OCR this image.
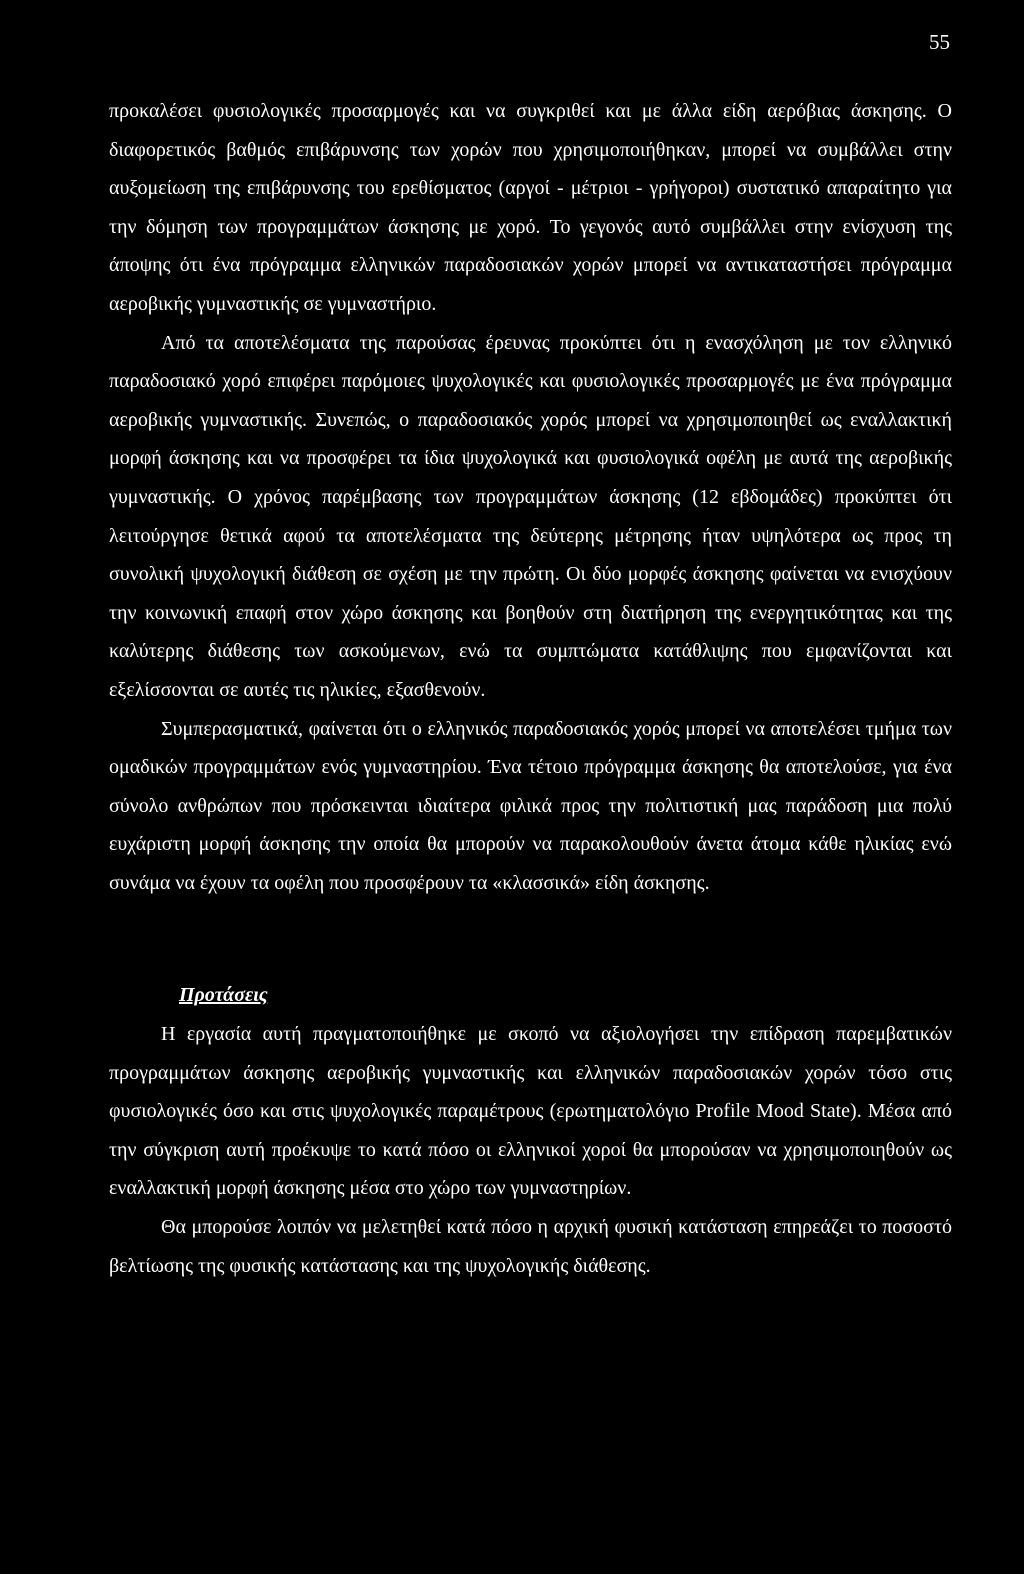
55

προκαλέσει φυσιολογικές προσαρμογές και να συγκριθεί και με άλλα είδη αερόβιας άσκησης. Ο διαφορετικός βαθμός επιβάρυνσης των χορών που χρησιμοποιήθηκαν, μπορεί να συμβάλλει στην αυξομείωση της επιβάρυνσης του ερεθίσματος (αργοί - μέτριοι - γρήγοροι) συστατικό απαραίτητο για την δόμηση των προγραμμάτων άσκησης με χορό. Το γεγονός αυτό συμβάλλει στην ενίσχυση της άποψης ότι ένα πρόγραμμα ελληνικών παραδοσιακών χορών μπορεί να αντικαταστήσει πρόγραμμα αεροβικής γυμναστικής σε γυμναστήριο.

Από τα αποτελέσματα της παρούσας έρευνας προκύπτει ότι η ενασχόληση με τον ελληνικό παραδοσιακό χορό επιφέρει παρόμοιες ψυχολογικές και φυσιολογικές προσαρμογές με ένα πρόγραμμα αεροβικής γυμναστικής. Συνεπώς, ο παραδοσιακός χορός μπορεί να χρησιμοποιηθεί ως εναλλακτική μορφή άσκησης και να προσφέρει τα ίδια ψυχολογικά και φυσιολογικά οφέλη με αυτά της αεροβικής γυμναστικής. Ο χρόνος παρέμβασης των προγραμμάτων άσκησης (12 εβδομάδες) προκύπτει ότι λειτούργησε θετικά αφού τα αποτελέσματα της δεύτερης μέτρησης ήταν υψηλότερα ως προς τη συνολική ψυχολογική διάθεση σε σχέση με την πρώτη. Οι δύο μορφές άσκησης φαίνεται να ενισχύουν την κοινωνική επαφή στον χώρο άσκησης και βοηθούν στη διατήρηση της ενεργητικότητας και της καλύτερης διάθεσης των ασκούμενων, ενώ τα συμπτώματα κατάθλιψης που εμφανίζονται και εξελίσσονται σε αυτές τις ηλικίες, εξασθενούν.

Συμπερασματικά, φαίνεται ότι ο ελληνικός παραδοσιακός χορός μπορεί να αποτελέσει τμήμα των ομαδικών προγραμμάτων ενός γυμναστηρίου. Ένα τέτοιο πρόγραμμα άσκησης θα αποτελούσε, για ένα σύνολο ανθρώπων που πρόσκεινται ιδιαίτερα φιλικά προς την πολιτιστική μας παράδοση μια πολύ ευχάριστη μορφή άσκησης την οποία θα μπορούν να παρακολουθούν άνετα άτομα κάθε ηλικίας ενώ συνάμα να έχουν τα οφέλη που προσφέρουν τα «κλασσικά» είδη άσκησης.

Προτάσεις

Η εργασία αυτή πραγματοποιήθηκε με σκοπό να αξιολογήσει την επίδραση παρεμβατικών προγραμμάτων άσκησης αεροβικής γυμναστικής και ελληνικών παραδοσιακών χορών τόσο στις φυσιολογικές όσο και στις ψυχολογικές παραμέτρους (ερωτηματολόγιο Profile Mood State). Μέσα από την σύγκριση αυτή προέκυψε το κατά πόσο οι ελληνικοί χοροί θα μπορούσαν να χρησιμοποιηθούν ως εναλλακτική μορφή άσκησης μέσα στο χώρο των γυμναστηρίων.

Θα μπορούσε λοιπόν να μελετηθεί κατά πόσο η αρχική φυσική κατάσταση επηρεάζει το ποσοστό βελτίωσης της φυσικής κατάστασης και της ψυχολογικής διάθεσης.
